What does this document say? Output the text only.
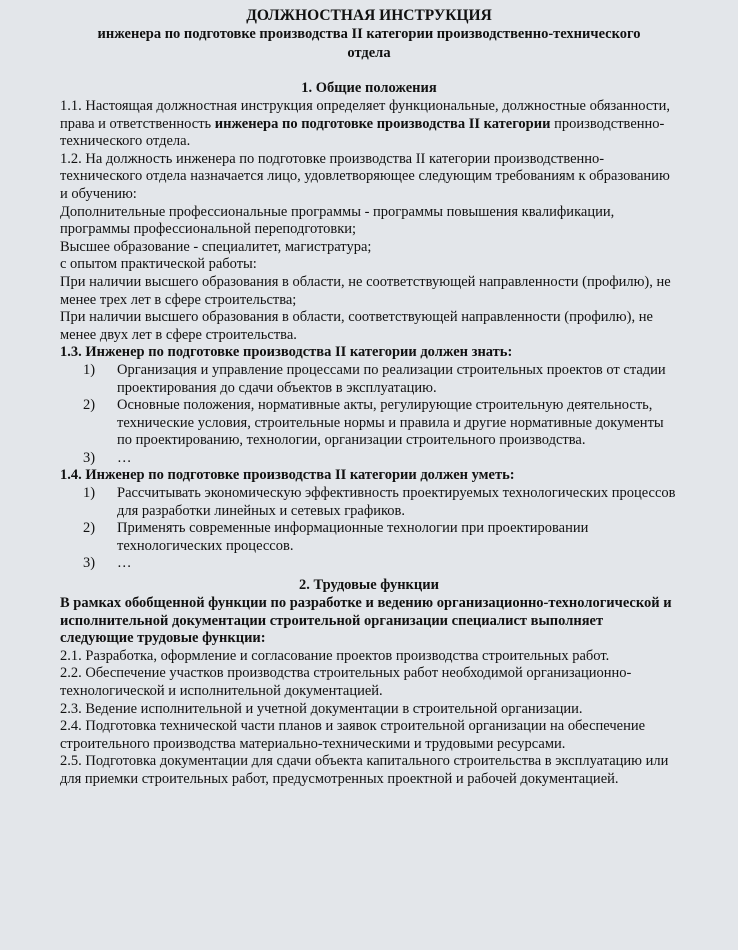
ДОЛЖНОСТНАЯ ИНСТРУКЦИЯ
инженера по подготовке производства II категории производственно-технического
отдела
1. Общие положения

1.1. Настоящая должностная инструкция определяет функциональные, должностные обязанности, права и ответственность инженера по подготовке производства II категории производственно-технического отдела.

1.2. На должность инженера по подготовке производства II категории производственно-технического отдела назначается лицо, удовлетворяющее следующим требованиям к образованию и обучению:

Дополнительные профессиональные программы - программы повышения квалификации, программы профессиональной переподготовки;

Высшее образование - специалитет, магистратура;

с опытом практической работы:

При наличии высшего образования в области, не соответствующей направленности (профилю), не менее трех лет в сфере строительства;

При наличии высшего образования в области, соответствующей направленности (профилю), не менее двух лет в сфере строительства.

1.3. Инженер по подготовке производства II категории должен знать:

1) Организация и управление процессами по реализации строительных проектов от стадии проектирования до сдачи объектов в эксплуатацию.
2) Основные положения, нормативные акты, регулирующие строительную деятельность, технические условия, строительные нормы и правила и другие нормативные документы по проектированию, технологии, организации строительного производства.
3) …

1.4. Инженер по подготовке производства II категории должен уметь:

1) Рассчитывать экономическую эффективность проектируемых технологических процессов для разработки линейных и сетевых графиков.
2) Применять современные информационные технологии при проектировании технологических процессов.
3) …
2. Трудовые функции

В рамках обобщенной функции по разработке и ведению организационно-технологической и исполнительной документации строительной организации специалист выполняет следующие трудовые функции:

2.1. Разработка, оформление и согласование проектов производства строительных работ.

2.2. Обеспечение участков производства строительных работ необходимой организационно-технологической и исполнительной документацией.

2.3. Ведение исполнительной и учетной документации в строительной организации.

2.4. Подготовка технической части планов и заявок строительной организации на обеспечение строительного производства материально-техническими и трудовыми ресурсами.

2.5. Подготовка документации для сдачи объекта капитального строительства в эксплуатацию или для приемки строительных работ, предусмотренных проектной и рабочей документацией.
